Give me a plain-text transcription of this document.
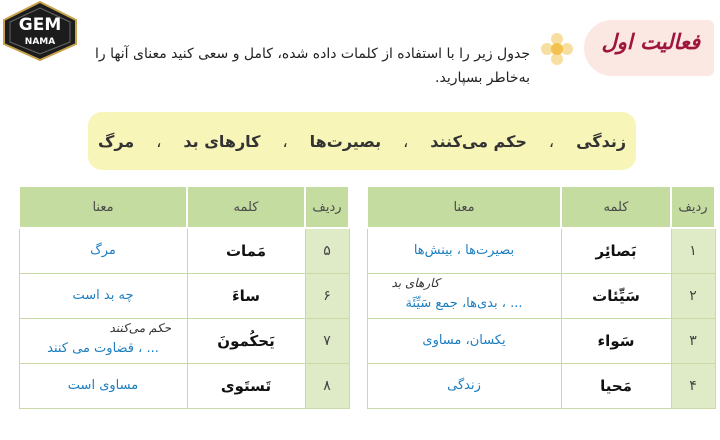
GEM
NAMA	فعالیت اول
جدول زیر را با استفاده از کلمات داده شده، کامل و سعی کنید معنای آنها را
به‌خاطر بسپارید.
زندگی
،
حکم می‌کنند
،
بصیرت‌ها
،
کارهای بد
،
مرگ
ردیف	کلمه	معنا
۱	بَصائِر	بصیرت‌ها ، بینش‌ها
۲	سَیِّئات	کارهای بد
... ، بدی‌ها، جمع سَیِّئَة
۳	سَواء	یکسان، مساوی
۴	مَحیا	زندگی
ردیف	کلمه	معنا
۵	مَمات	مرگ
۶	ساءَ	چه بد است
۷	یَحکُمونَ	حکم می‌کنند
... ، قضاوت می کنند
۸	تَستَوی	مساوی است
